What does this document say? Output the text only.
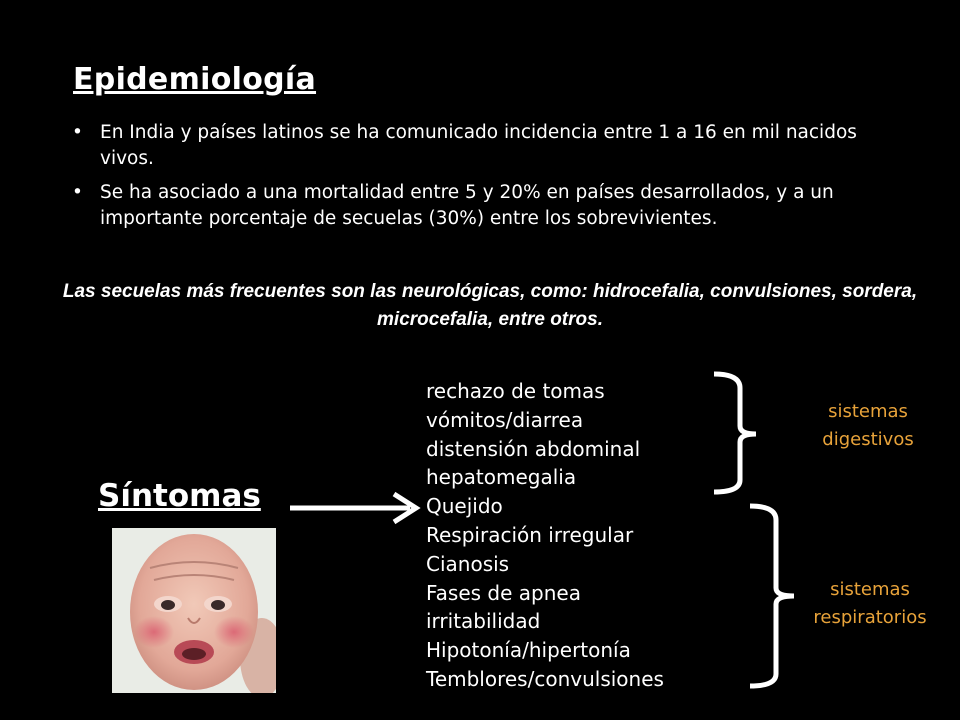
Epidemiología
• En India y países latinos se ha comunicado incidencia entre 1 a 16 en mil nacidos vivos.
• Se ha asociado a una mortalidad entre 5 y 20% en países desarrollados, y a un importante porcentaje de secuelas (30%) entre los sobrevivientes.
Las secuelas más frecuentes son las neurológicas, como: hidrocefalia, convulsiones, sordera, microcefalia, entre otros.
Síntomas
rechazo de tomas
vómitos/diarrea
distensión abdominal
hepatomegalia
Quejido
Respiración irregular
Cianosis
Fases de apnea
irritabilidad
Hipotonía/hipertonía
Temblores/convulsiones
sistemas
digestivos
sistemas
respiratorios
